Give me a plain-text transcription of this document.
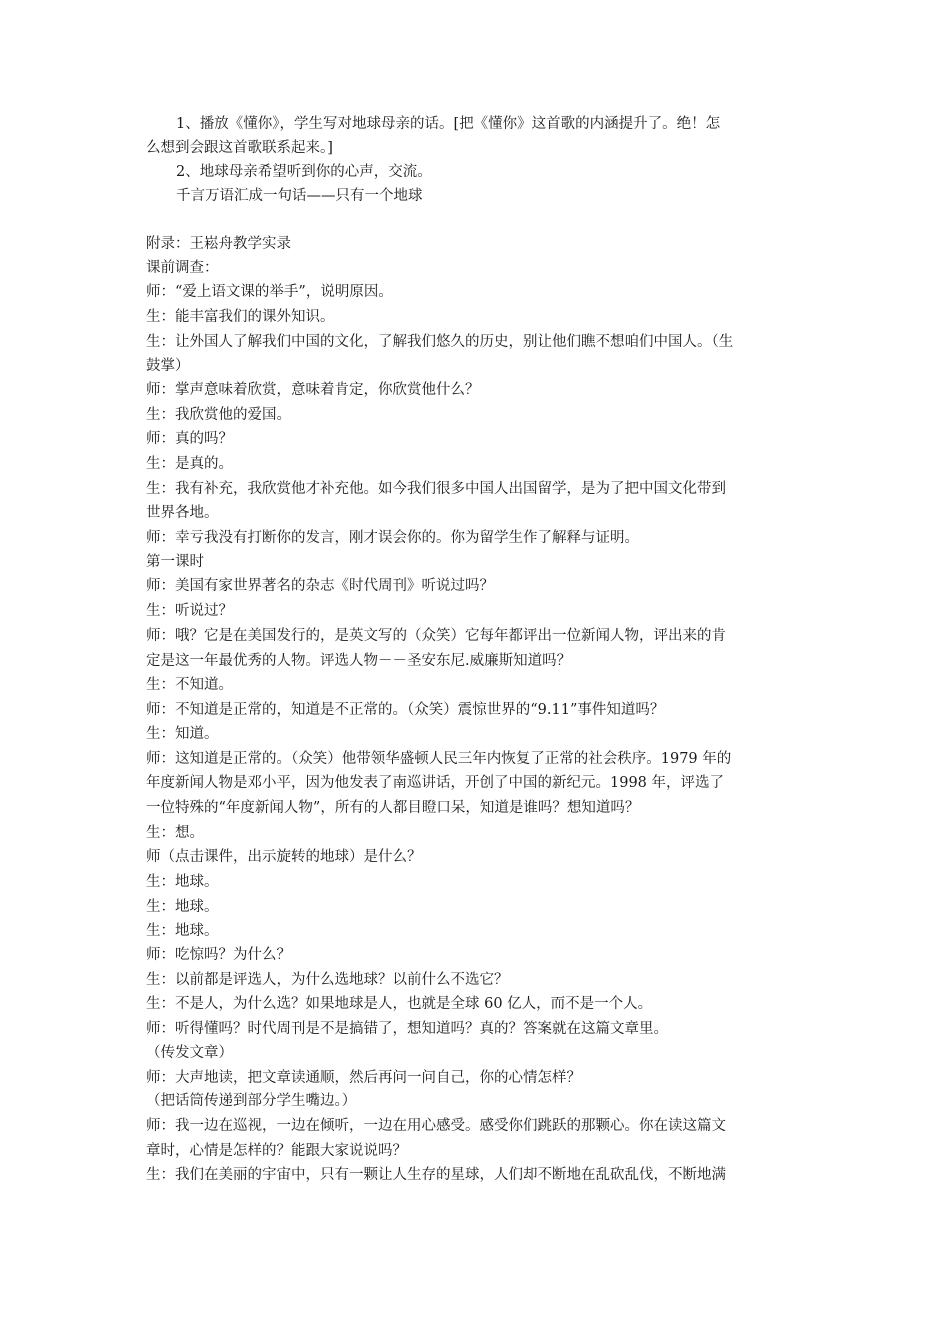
1、播放《懂你》，学生写对地球母亲的话。[把《懂你》这首歌的内涵提升了。绝！怎
么想到会跟这首歌联系起来。]
2、地球母亲希望听到你的心声，交流。
千言万语汇成一句话——只有一个地球
附录：王崧舟教学实录
课前调查：
师：“爱上语文课的举手”，说明原因。
生：能丰富我们的课外知识。
生：让外国人了解我们中国的文化，了解我们悠久的历史，别让他们瞧不想咱们中国人。（生
鼓掌）
师：掌声意味着欣赏，意味着肯定，你欣赏他什么？
生：我欣赏他的爱国。
师：真的吗？
生：是真的。
生：我有补充，我欣赏他才补充他。如今我们很多中国人出国留学，是为了把中国文化带到
世界各地。
师：幸亏我没有打断你的发言，刚才误会你的。你为留学生作了解释与证明。
第一课时
师：美国有家世界著名的杂志《时代周刊》听说过吗？
生：听说过？
师：哦？它是在美国发行的，是英文写的（众笑）它每年都评出一位新闻人物，评出来的肯
定是这一年最优秀的人物。评选人物－－圣安东尼.威廉斯知道吗？
生：不知道。
师：不知道是正常的，知道是不正常的。（众笑）震惊世界的“9.11”事件知道吗？
生：知道。
师：这知道是正常的。（众笑）他带领华盛顿人民三年内恢复了正常的社会秩序。1979 年的
年度新闻人物是邓小平，因为他发表了南巡讲话，开创了中国的新纪元。1998 年，评选了
一位特殊的“年度新闻人物”，所有的人都目瞪口呆，知道是谁吗？想知道吗？
生：想。
师（点击课件，出示旋转的地球）是什么？
生：地球。
生：地球。
生：地球。
师：吃惊吗？为什么？
生：以前都是评选人，为什么选地球？以前什么不选它？
生：不是人，为什么选？如果地球是人，也就是全球 60 亿人，而不是一个人。
师：听得懂吗？时代周刊是不是搞错了，想知道吗？真的？答案就在这篇文章里。
（传发文章）
师：大声地读，把文章读通顺，然后再问一问自己，你的心情怎样？
（把话筒传递到部分学生嘴边。）
师：我一边在巡视，一边在倾听，一边在用心感受。感受你们跳跃的那颗心。你在读这篇文
章时，心情是怎样的？能跟大家说说吗？
生：我们在美丽的宇宙中，只有一颗让人生存的星球，人们却不断地在乱砍乱伐，不断地满
